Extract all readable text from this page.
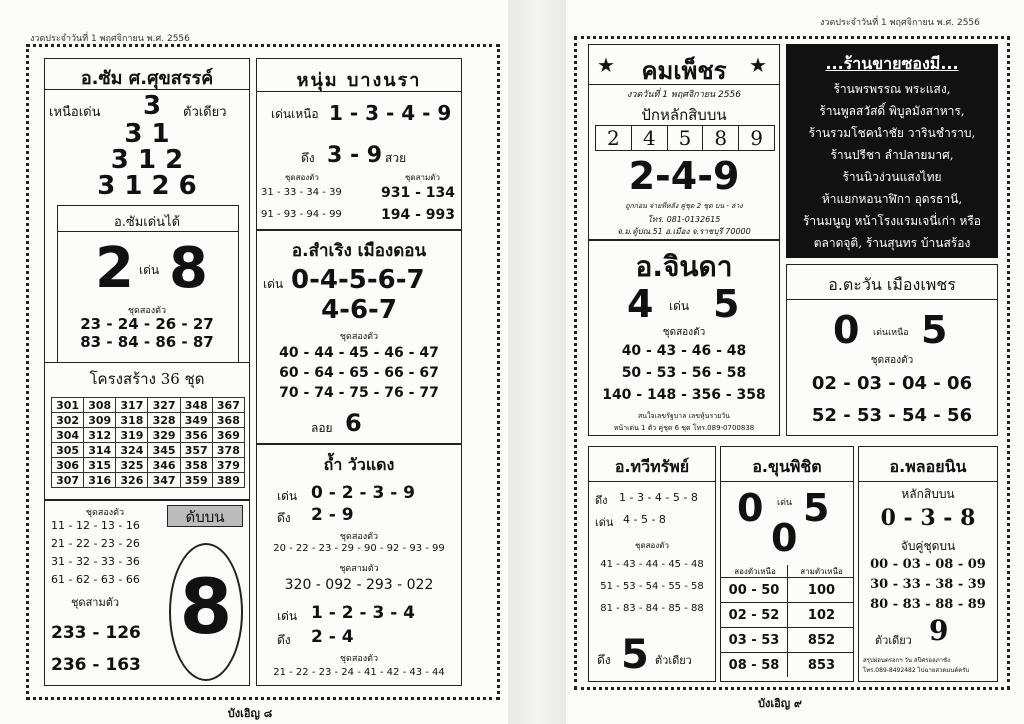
งวดประจำวันที่ 1 พฤศจิกายน พ.ศ. 2556
บังเอิญ ๘
อ.ซัม ศ.ศุขสรรค์
เหนือเด่น 3 ตัวเดียว
3 1
3 1 2
3 1 2 6
อ.ซัมเด่นได้
2 เด่น 8
ชุดสองตัว
23 - 24 - 26 - 27
83 - 84 - 86 - 87
โครงสร้าง 36 ชุด
301	308	317	327	348	367
302	309	318	328	349	368
304	312	319	329	356	369
305	314	324	345	357	378
306	315	325	346	358	379
307	316	326	347	359	389
ชุดสองตัว
11 - 12 - 13 - 16
21 - 22 - 23 - 26
31 - 32 - 33 - 36
61 - 62 - 63 - 66
ชุดสามตัว
233 - 126
236 - 163
ดับบน
8
หนุ่ม บางนรา
เด่นเหนือ 1 - 3 - 4 - 9
ดึง 3 - 9 สวย
ชุดสองตัว	ชุดสามตัว
31 - 33 - 34 - 39	931 - 134
91 - 93 - 94 - 99	194 - 993
อ.สำเริง เมืองดอน
เด่น 0-4-5-6-7
4-6-7
ชุดสองตัว
40 - 44 - 45 - 46 - 47
60 - 64 - 65 - 66 - 67
70 - 74 - 75 - 76 - 77
ลอย 6
ถ้ำ วัวแดง
เด่น 0 - 2 - 3 - 9
ดึง 2 - 9
ชุดสองตัว
20 - 22 - 23 - 29 - 90 - 92 - 93 - 99
ชุดสามตัว
320 - 092 - 293 - 022
เด่น 1 - 2 - 3 - 4
ดึง 2 - 4
ชุดสองตัว
21 - 22 - 23 - 24 - 41 - 42 - 43 - 44
งวดประจำวันที่ 1 พฤศจิกายน พ.ศ. 2556
บังเอิญ ๙
★	คมเพ็ชร	★
งวดวันที่ 1 พฤศจิกายน 2556
ปักหลักสิบบน
2	4	5	8	9
2-4-9
ถูกก่อน จ่ายทีหลัง คู่ชุด 2 ชุด บน - ล่าง
โทร. 081-0132615
จ.ม.ตู้ปณ.51 อ.เมือง จ.ราชบุรี 70000
...ร้านขายซองมี...
ร้านพรพรรณ พระแสง,
ร้านพูลสวัสดิ์ พิบูลมังสาหาร,
ร้านรวมโชคนำชัย วารินชำราบ,
ร้านปรีชา ลำปลายมาศ,
ร้านนิวง่วนแสงไทย
ห้าแยกหอนาฬิกา อุดรธานี,
ร้านมนูญ หน้าโรงแรมเจนี่เก่า หรือ
ตลาดจุติ, ร้านสุนทร บ้านสร้อง
อ.จินดา
4 เด่น 5
ชุดสองตัว
40 - 43 - 46 - 48
50 - 53 - 56 - 58
140 - 148 - 356 - 358
สนใจเลขรัฐบาล เลขหุ้นรายวัน
หน้าเด่น 1 ตัว คู่ชุด 6 ชุด โทร.089-0700838
อ.ตะวัน เมืองเพชร
0 เด่นเหนือ 5
ชุดสองตัว
02 - 03 - 04 - 06
52 - 53 - 54 - 56
อ.ทวีทรัพย์
ดึง 1 - 3 - 4 - 5 - 8
เด่น 4 - 5 - 8
ชุดสองตัว
41 - 43 - 44 - 45 - 48
51 - 53 - 54 - 55 - 58
81 - 83 - 84 - 85 - 88
ดึง 5 ตัวเดียว
อ.ขุนพิชิต
0 เด่น 5
0
สองตัวเหนือ	สามตัวเหนือ
00 - 50	100
02 - 52	102
03 - 53	852
08 - 58	853
อ.พลอยนิน
หลักสิบบน
0 - 3 - 8
จับคู่ชุดบน
00 - 03 - 08 - 09
30 - 33 - 38 - 39
80 - 83 - 88 - 89
ตัวเดียว 9
สรุปผ่อนตรอกฯ วัน สปีศรอลภาชัง
โทร.089-8492482 ไปฉายสวดมนต์ครับ
